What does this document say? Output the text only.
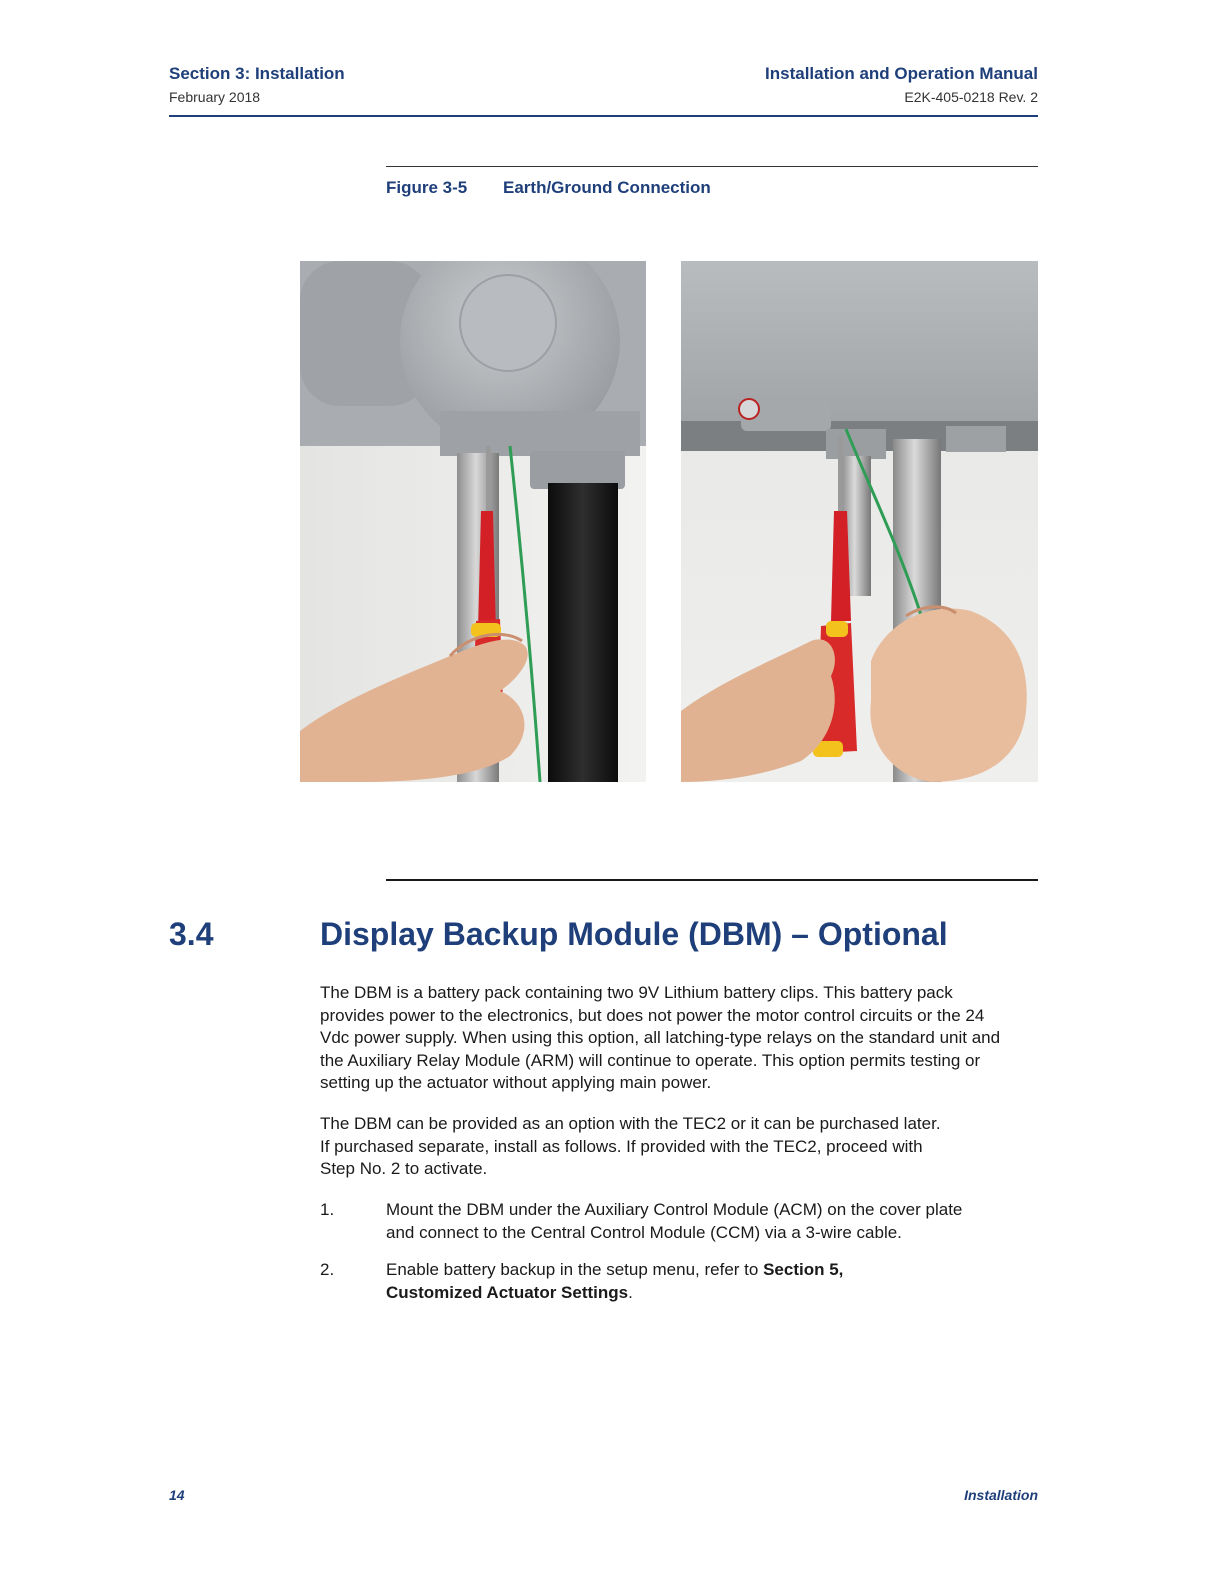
Section 3: Installation
February 2018
Installation and Operation Manual
E2K-405-0218 Rev. 2
Figure 3-5 Earth/Ground Connection
3.4	Display Backup Module (DBM) – Optional
The DBM is a battery pack containing two 9V Lithium battery clips. This battery pack
provides power to the electronics, but does not power the motor control circuits or the 24
Vdc power supply. When using this option, all latching-type relays on the standard unit and
the Auxiliary Relay Module (ARM) will continue to operate. This option permits testing or
setting up the actuator without applying main power.
The DBM can be provided as an option with the TEC2 or it can be purchased later.
If purchased separate, install as follows. If provided with the TEC2, proceed with
Step No. 2 to activate.
1.	Mount the DBM under the Auxiliary Control Module (ACM) on the cover plate
and connect to the Central Control Module (CCM) via a 3-wire cable.
2.	Enable battery backup in the setup menu, refer to Section 5,
Customized Actuator Settings.
14	Installation
